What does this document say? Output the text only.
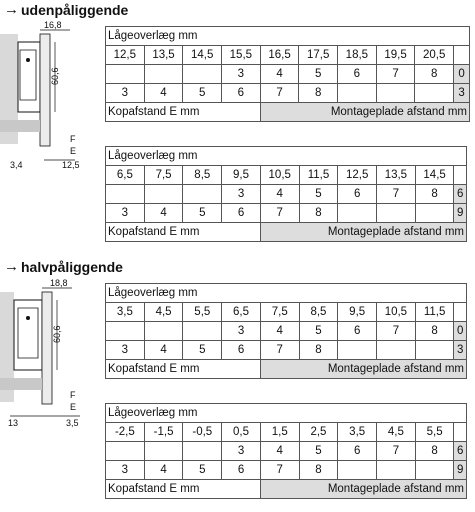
→ udenpåliggende
16,8
60,6
F
E
3,4	12,5
Lågeoverlæg mm									
12,5	13,5	14,5	15,5	16,5	17,5	18,5	19,5	20,5	
			3	4	5	6	7	8	0
3	4	5	6	7	8				3
Kopafstand E mm				Montageplade afstand mm					
Lågeoverlæg mm									
6,5	7,5	8,5	9,5	10,5	11,5	12,5	13,5	14,5	
			3	4	5	6	7	8	6
3	4	5	6	7	8				9
Kopafstand E mm				Montageplade afstand mm					
→ halvpåliggende
18,8
60,6
F
E
13	3,5
Lågeoverlæg mm									
3,5	4,5	5,5	6,5	7,5	8,5	9,5	10,5	11,5	
			3	4	5	6	7	8	0
3	4	5	6	7	8				3
Kopafstand E mm				Montageplade afstand mm					
Lågeoverlæg mm									
-2,5	-1,5	-0,5	0,5	1,5	2,5	3,5	4,5	5,5	
			3	4	5	6	7	8	6
3	4	5	6	7	8				9
Kopafstand E mm				Montageplade afstand mm					
